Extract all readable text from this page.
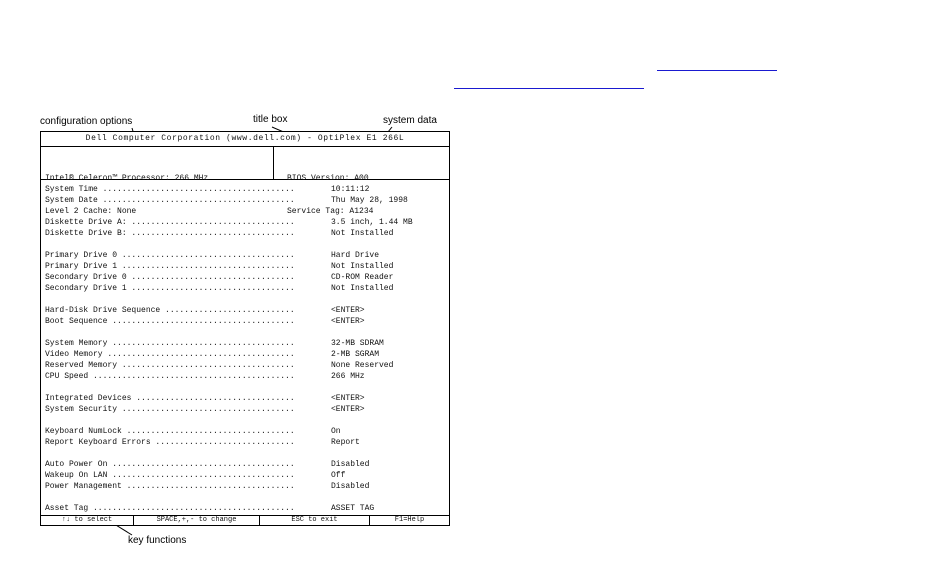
configuration options	title box	system data
key functions
Dell Computer Corporation (www.dell.com) - OptiPlex E1 266L

Intel® Celeron™ Processor: 266 MHz

Level 2 Cache: None

BIOS Version: A00

Service Tag: A1234

System Time ........................................	10:11:12
System Date ........................................	Thu May 28, 1998
Diskette Drive A: ..................................	3.5 inch, 1.44 MB
Diskette Drive B: ..................................	Not Installed
Primary Drive 0 ....................................	Hard Drive
Primary Drive 1 ....................................	Not Installed
Secondary Drive 0 ..................................	CD-ROM Reader
Secondary Drive 1 ..................................	Not Installed
Hard-Disk Drive Sequence ...........................	<ENTER>
Boot Sequence ......................................	<ENTER>
System Memory ......................................	32-MB SDRAM
Video Memory .......................................	2-MB SGRAM
Reserved Memory ....................................	None Reserved
CPU Speed ..........................................	266 MHz
Integrated Devices .................................	<ENTER>
System Security ....................................	<ENTER>
Keyboard NumLock ...................................	On
Report Keyboard Errors .............................	Report
Auto Power On ......................................	Disabled
Wakeup On LAN ......................................	Off
Power Management ...................................	Disabled
Asset Tag ..........................................	ASSET TAG
↑↓ to select	SPACE,+,- to change	ESC to exit	F1=Help
